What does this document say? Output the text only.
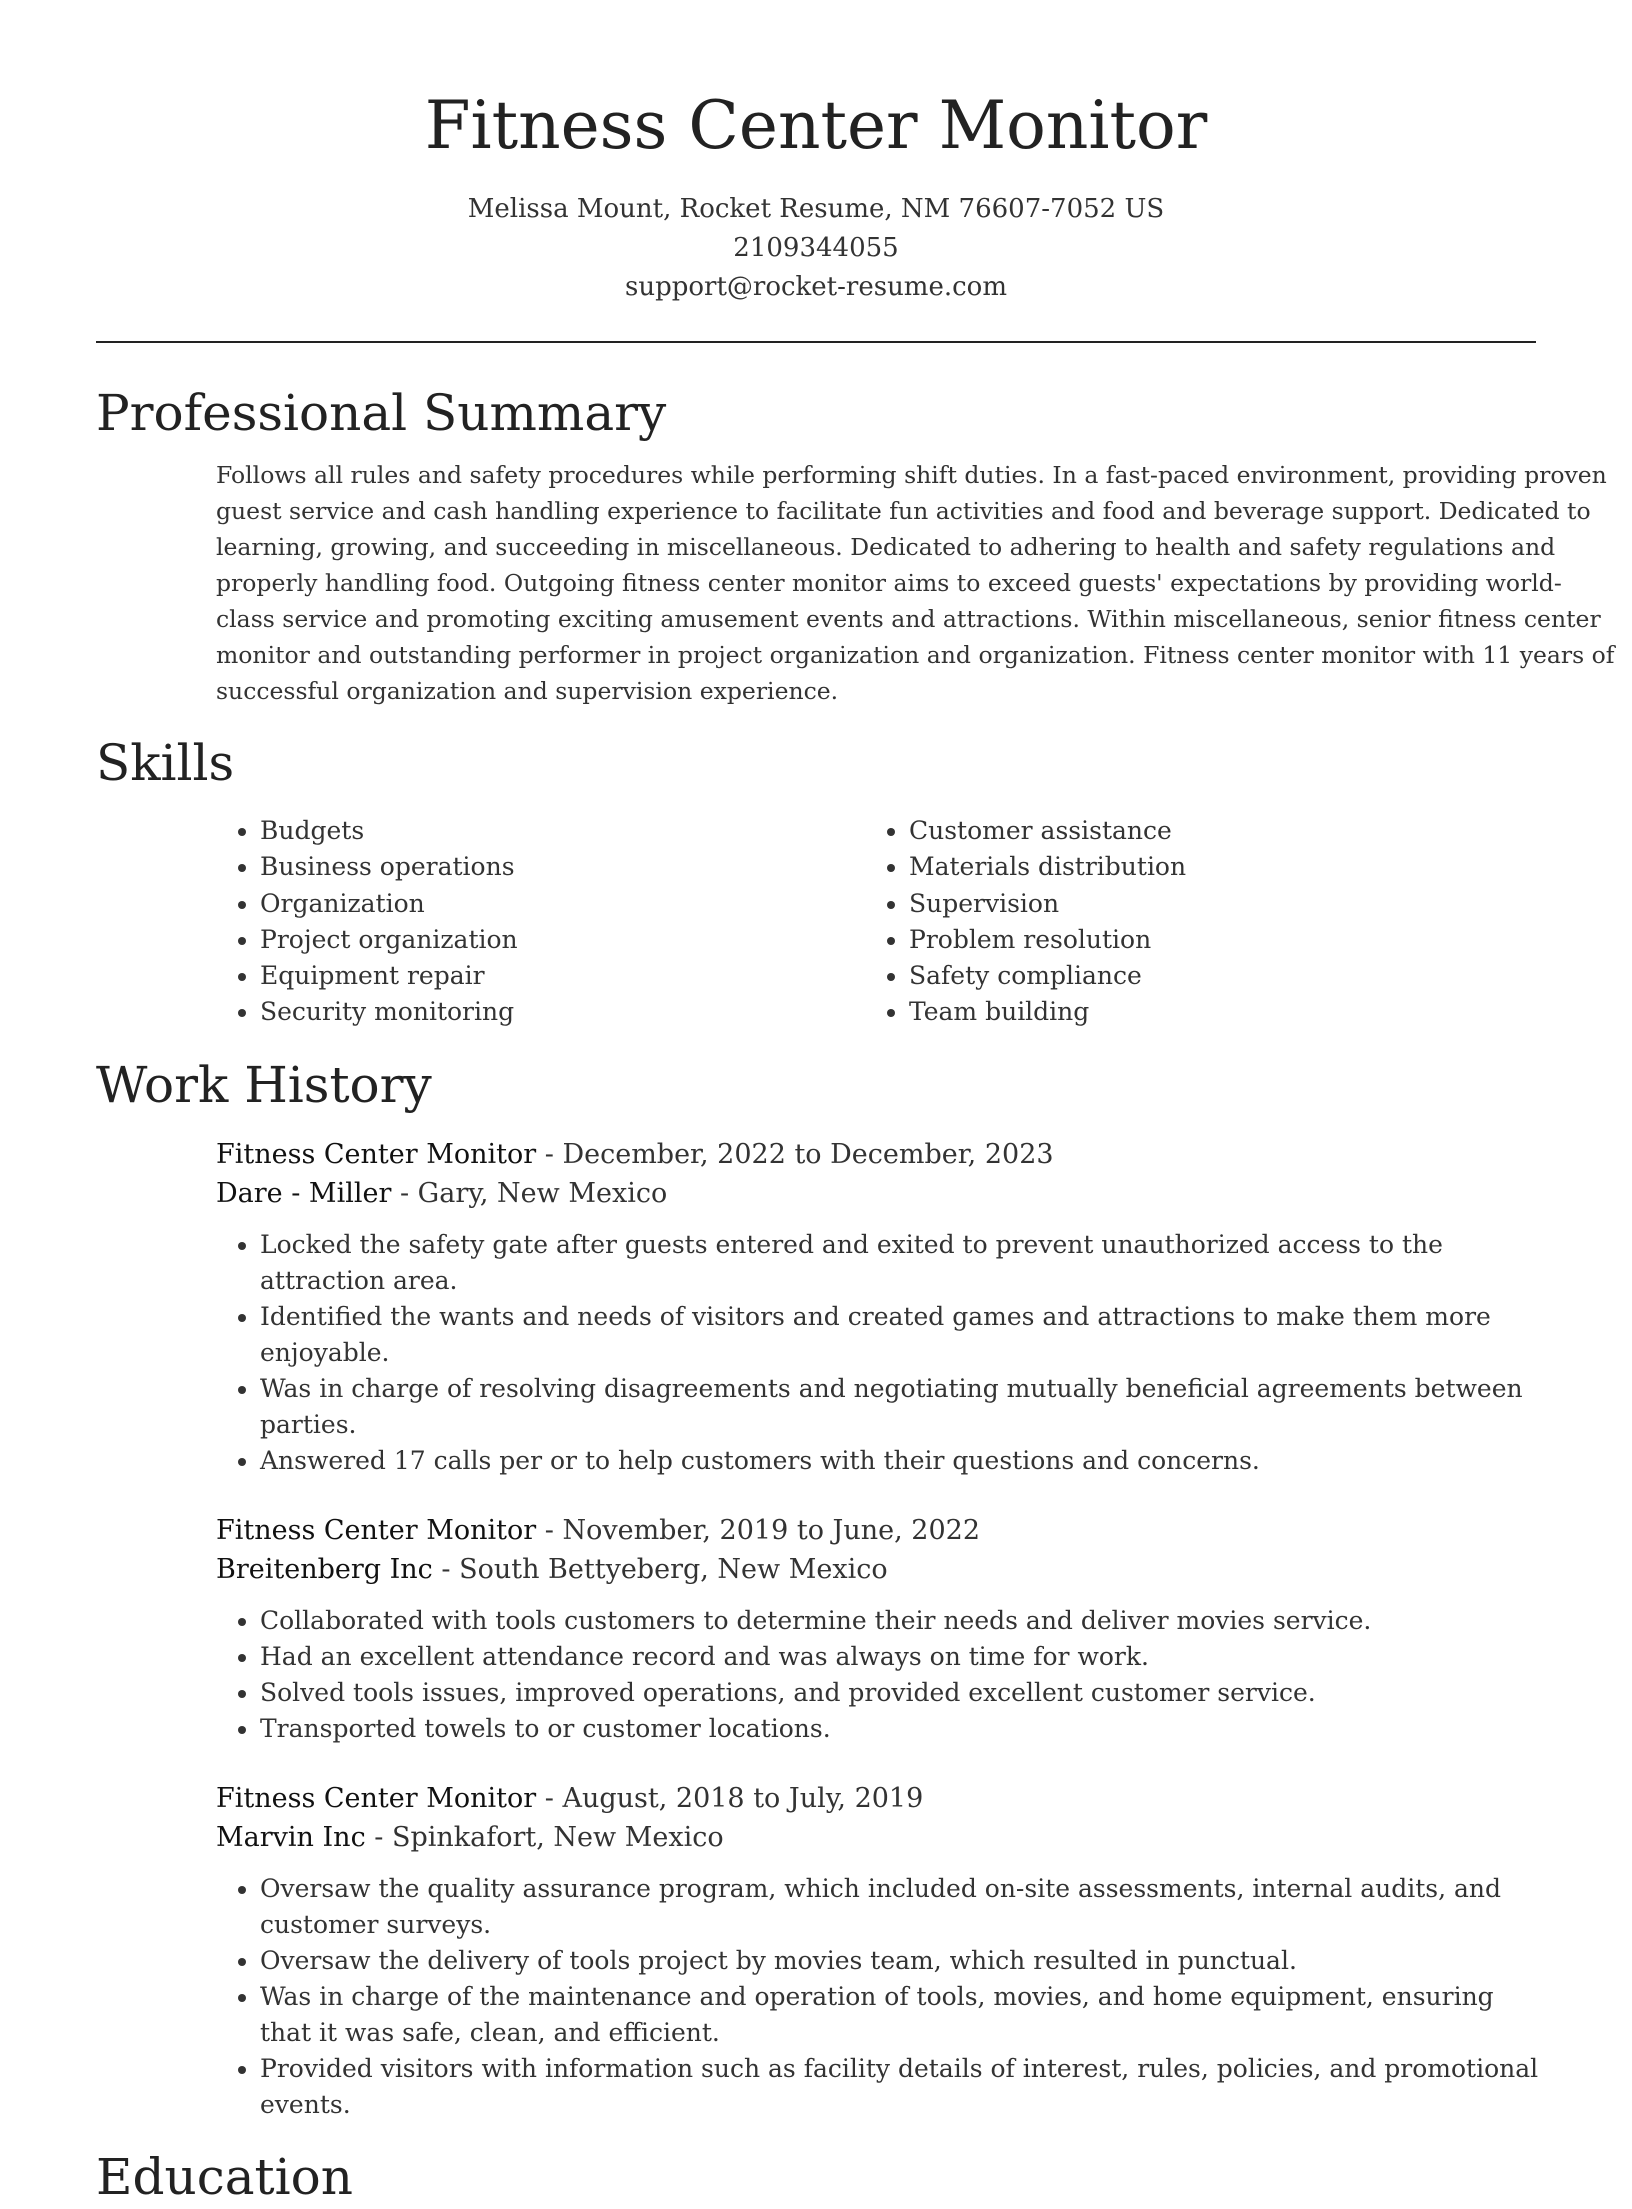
Fitness Center Monitor
Melissa Mount, Rocket Resume, NM 76607-7052 US
2109344055
support@rocket-resume.com
Professional Summary
Follows all rules and safety procedures while performing shift duties. In a fast-paced environment, providing proven guest service and cash handling experience to facilitate fun activities and food and beverage support. Dedicated to learning, growing, and succeeding in miscellaneous. Dedicated to adhering to health and safety regulations and properly handling food. Outgoing fitness center monitor aims to exceed guests' expectations by providing world-class service and promoting exciting amusement events and attractions. Within miscellaneous, senior fitness center monitor and outstanding performer in project organization and organization. Fitness center monitor with 11 years of successful organization and supervision experience.
Skills
• Budgets
• Business operations
• Organization
• Project organization
• Equipment repair
• Security monitoring
• Customer assistance
• Materials distribution
• Supervision
• Problem resolution
• Safety compliance
• Team building
Work History
Fitness Center Monitor - December, 2022 to December, 2023
Dare - Miller - Gary, New Mexico
• Locked the safety gate after guests entered and exited to prevent unauthorized access to the attraction area.
• Identified the wants and needs of visitors and created games and attractions to make them more enjoyable.
• Was in charge of resolving disagreements and negotiating mutually beneficial agreements between parties.
• Answered 17 calls per or to help customers with their questions and concerns.
Fitness Center Monitor - November, 2019 to June, 2022
Breitenberg Inc - South Bettyeberg, New Mexico
• Collaborated with tools customers to determine their needs and deliver movies service.
• Had an excellent attendance record and was always on time for work.
• Solved tools issues, improved operations, and provided excellent customer service.
• Transported towels to or customer locations.
Fitness Center Monitor - August, 2018 to July, 2019
Marvin Inc - Spinkafort, New Mexico
• Oversaw the quality assurance program, which included on-site assessments, internal audits, and customer surveys.
• Oversaw the delivery of tools project by movies team, which resulted in punctual.
• Was in charge of the maintenance and operation of tools, movies, and home equipment, ensuring that it was safe, clean, and efficient.
• Provided visitors with information such as facility details of interest, rules, policies, and promotional events.
Education
